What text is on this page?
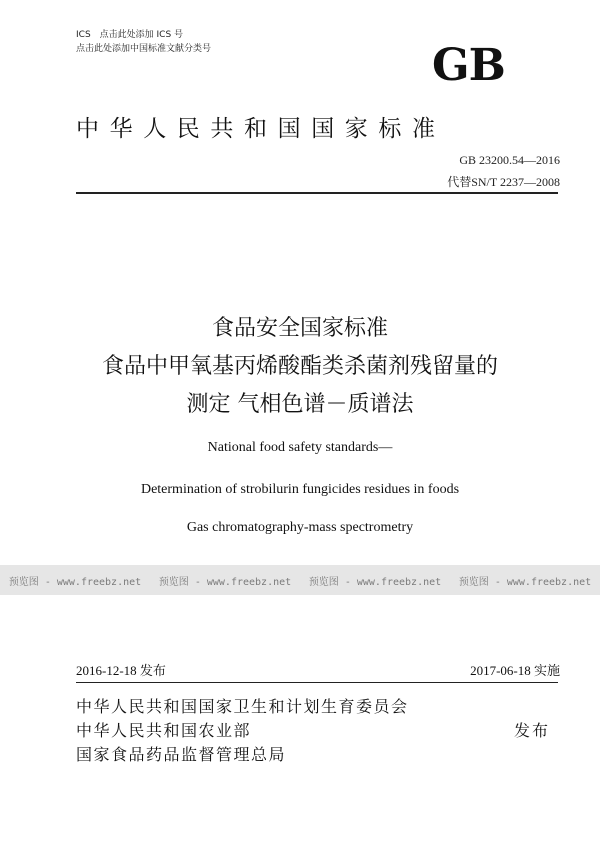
ICS　点击此处添加 ICS 号
点击此处添加中国标准文献分类号	GB
中华人民共和国国家标准
GB 23200.54—2016
代替SN/T 2237—2008
食品安全国家标准
食品中甲氧基丙烯酸酯类杀菌剂残留量的
测定 气相色谱－质谱法
National food safety standards—
Determination of strobilurin fungicides residues in foods
Gas chromatography-mass spectrometry
预览图 - www.freebz.net 预览图 - www.freebz.net 预览图 - www.freebz.net 预览图 - www.freebz.net
2016-12-18 发布	2017-06-18 实施
中华人民共和国国家卫生和计划生育委员会
中华人民共和国农业部
国家食品药品监督管理总局
发布
